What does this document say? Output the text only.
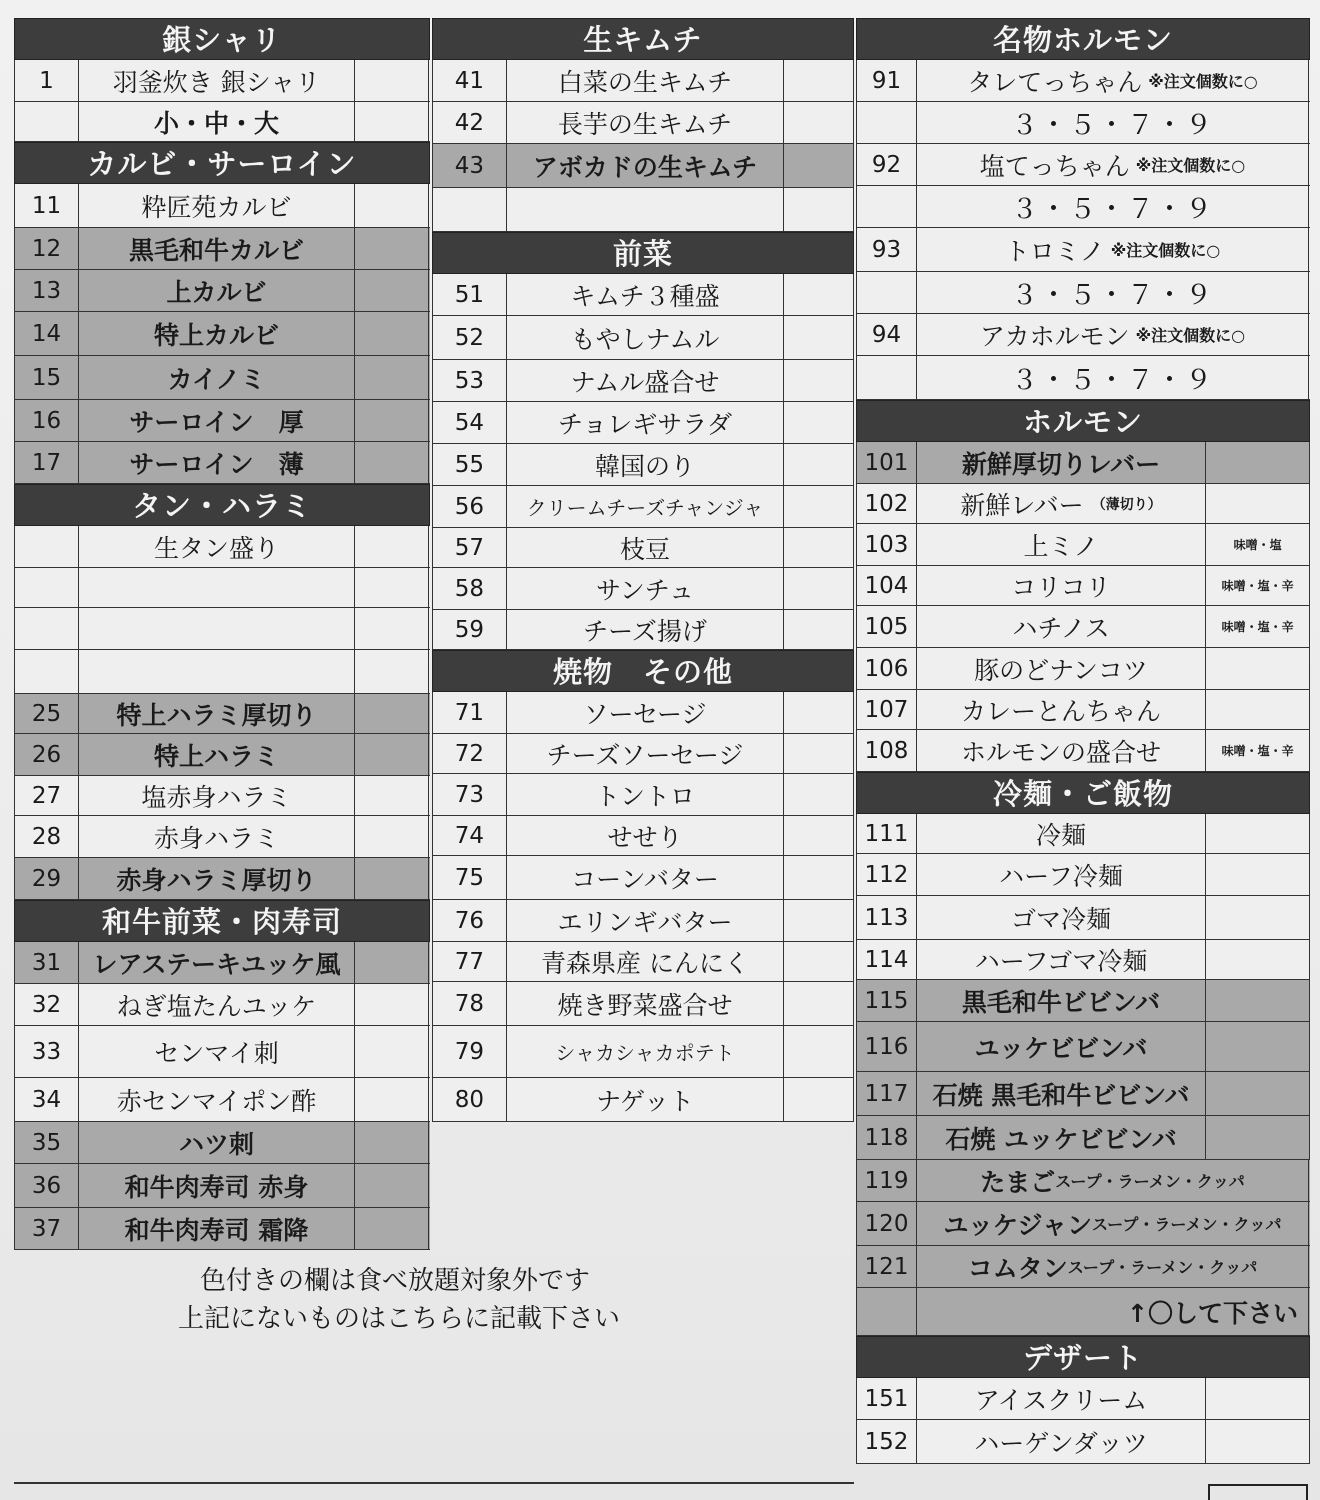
銀シャリ
1	羽釜炊き 銀シャリ
小・中・大
カルビ・サーロイン
11	粋匠苑カルビ
12	黒毛和牛カルビ
13	上カルビ
14	特上カルビ
15	カイノミ
16	サーロイン　厚
17	サーロイン　薄
タン・ハラミ
生タン盛り
25	特上ハラミ厚切り
26	特上ハラミ
27	塩赤身ハラミ
28	赤身ハラミ
29	赤身ハラミ厚切り
和牛前菜・肉寿司
31	レアステーキユッケ風
32	ねぎ塩たんユッケ
33	センマイ刺
34	赤センマイポン酢
35	ハツ刺
36	和牛肉寿司 赤身
37	和牛肉寿司 霜降
生キムチ
41	白菜の生キムチ
42	長芋の生キムチ
43	アボカドの生キムチ
前菜
51	キムチ３種盛
52	もやしナムル
53	ナムル盛合せ
54	チョレギサラダ
55	韓国のり
56	クリームチーズチャンジャ
57	枝豆
58	サンチュ
59	チーズ揚げ
焼物　その他
71	ソーセージ
72	チーズソーセージ
73	トントロ
74	せせり
75	コーンバター
76	エリンギバター
77	青森県産 にんにく
78	焼き野菜盛合せ
79	シャカシャカポテト
80	ナゲット
名物ホルモン
91	タレてっちゃん ※注文個数に○
３・５・７・９
92	塩てっちゃん ※注文個数に○
３・５・７・９
93	トロミノ ※注文個数に○
３・５・７・９
94	アカホルモン ※注文個数に○
３・５・７・９
ホルモン
101	新鮮厚切りレバー
102	新鮮レバー （薄切り）
103	上ミノ	味噌・塩
104	コリコリ	味噌・塩・辛
105	ハチノス	味噌・塩・辛
106	豚のどナンコツ
107	カレーとんちゃん
108	ホルモンの盛合せ	味噌・塩・辛
冷麺・ご飯物
111	冷麺
112	ハーフ冷麺
113	ゴマ冷麺
114	ハーフゴマ冷麺
115	黒毛和牛ビビンバ
116	ユッケビビンバ
117 石焼 黒毛和牛ビビンバ
118	石焼 ユッケビビンバ
119	たまご スープ・ラーメン・クッパ
120	ユッケジャン スープ・ラーメン・クッパ
121	コムタン スープ・ラーメン・クッパ
↑〇して下さい
デザート
151	アイスクリーム
152	ハーゲンダッツ
色付きの欄は食べ放題対象外です
上記にないものはこちらに記載下さい
